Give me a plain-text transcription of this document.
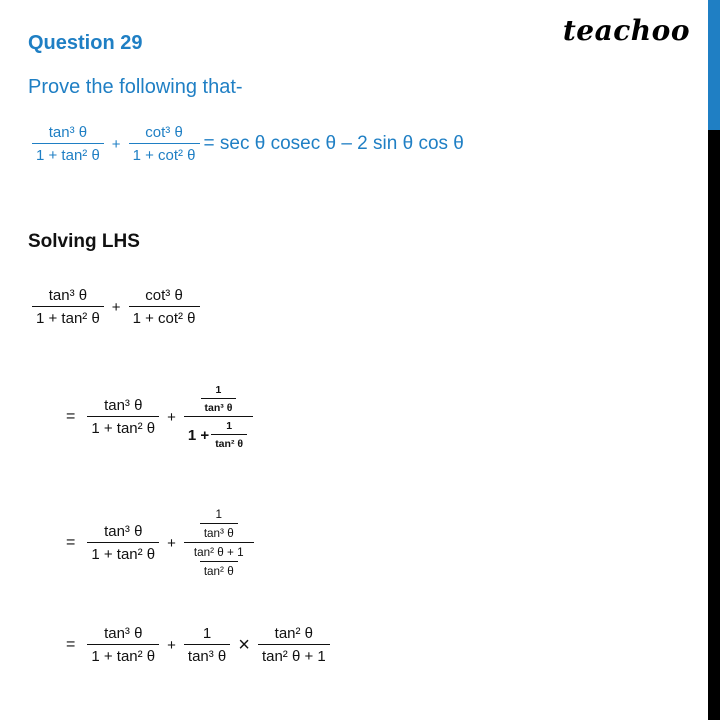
Question 29	teachoo
Prove the following that-
$\frac{\text{tan³ θ}}{\text{1 + tan² θ}} + \frac{\text{cot³ θ}}{\text{1 + cot² θ}} = \sec \theta$ cosec θ – 2 sin θ cos θ
Solving LHS
$\frac{\text{tan³ θ}}{\text{1 + tan² θ}} + \frac{\text{cot³ θ}}{\text{1 + cot² θ}}$
= $\frac{\text{tan³ θ}}{\text{1 + tan² θ}} + \frac{\frac{1}{\text{tan³ θ}}}{1 + \frac{1}{\text{tan² θ}}}$
= $\frac{\text{tan³ θ}}{\text{1 + tan² θ}} + \frac{\frac{1}{\text{tan³ θ}}}{\frac{\text{tan² θ + 1}}{\text{tan² θ}}}$
= $\frac{\text{tan³ θ}}{\text{1 + tan² θ}} + \frac{1}{\text{tan³ θ}} \times \frac{\text{tan² θ}}{\text{tan² θ + 1}}$
